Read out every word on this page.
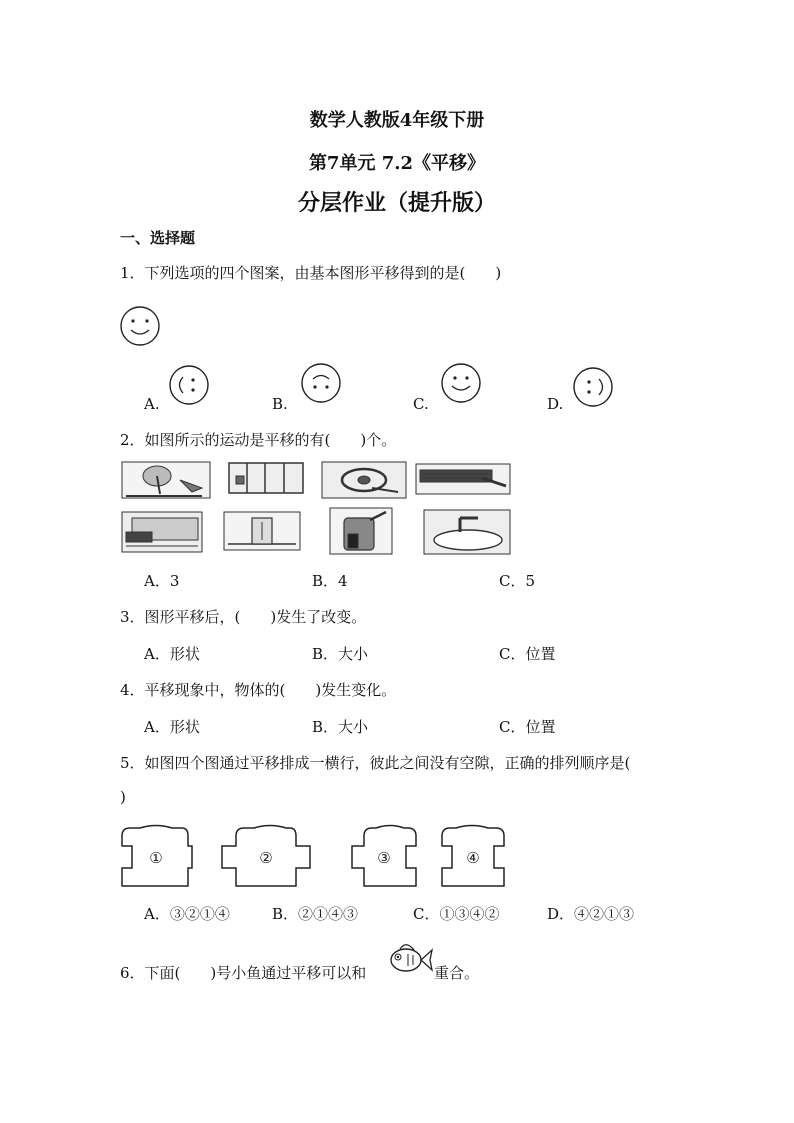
数学人教版4年级下册
第7单元 7.2《平移》
分层作业（提升版）
一、选择题
1．下列选项的四个图案，由基本图形平移得到的是(　　)
A.	B.	C.	D.
2．如图所示的运动是平移的有(　　)个。
A．3	B．4	C．5
3．图形平移后，(　　)发生了改变。
A．形状	B．大小	C．位置
4．平移现象中，物体的(　　)发生变化。
A．形状	B．大小	C．位置
5．如图四个图通过平移排成一横行，彼此之间没有空隙，正确的排列顺序是(
)
①	②	③	④
A．③②①④	B．②①④③	C．①③④②	D．④②①③
6．下面(　　)号小鱼通过平移可以和	重合。
